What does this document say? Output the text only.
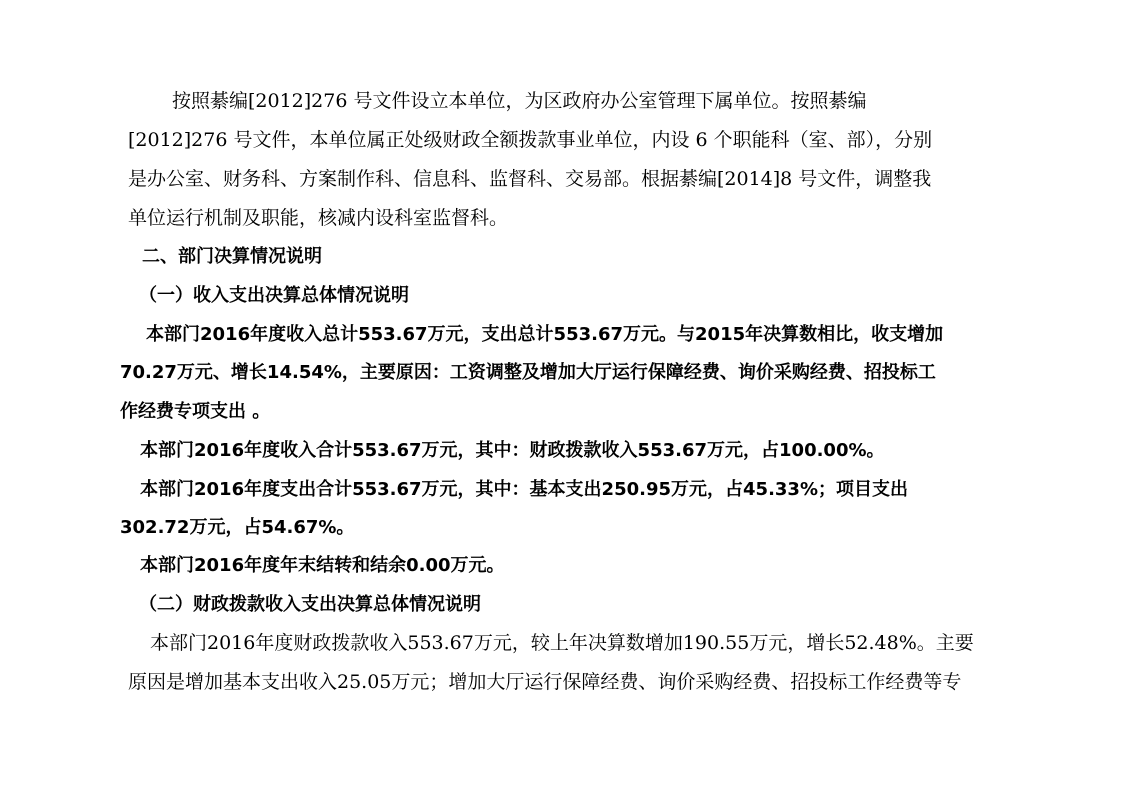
按照綦编[2012]276 号文件设立本单位，为区政府办公室管理下属单位。按照綦编
[2012]276 号文件，本单位属正处级财政全额拨款事业单位，内设 6 个职能科（室、部），分别
是办公室、财务科、方案制作科、信息科、监督科、交易部。根据綦编[2014]8 号文件，调整我
单位运行机制及职能，核减内设科室监督科。
二、部门决算情况说明
（一）收入支出决算总体情况说明
本部门2016年度收入总计553.67万元，支出总计553.67万元。与2015年决算数相比，收支增加
70.27万元、增长14.54%，主要原因：工资调整及增加大厅运行保障经费、询价采购经费、招投标工
作经费专项支出 。
本部门2016年度收入合计553.67万元，其中：财政拨款收入553.67万元，占100.00%。
本部门2016年度支出合计553.67万元，其中：基本支出250.95万元，占45.33%；项目支出
302.72万元，占54.67%。
本部门2016年度年末结转和结余0.00万元。
（二）财政拨款收入支出决算总体情况说明
本部门2016年度财政拨款收入553.67万元，较上年决算数增加190.55万元，增长52.48%。主要
原因是增加基本支出收入25.05万元；增加大厅运行保障经费、询价采购经费、招投标工作经费等专
